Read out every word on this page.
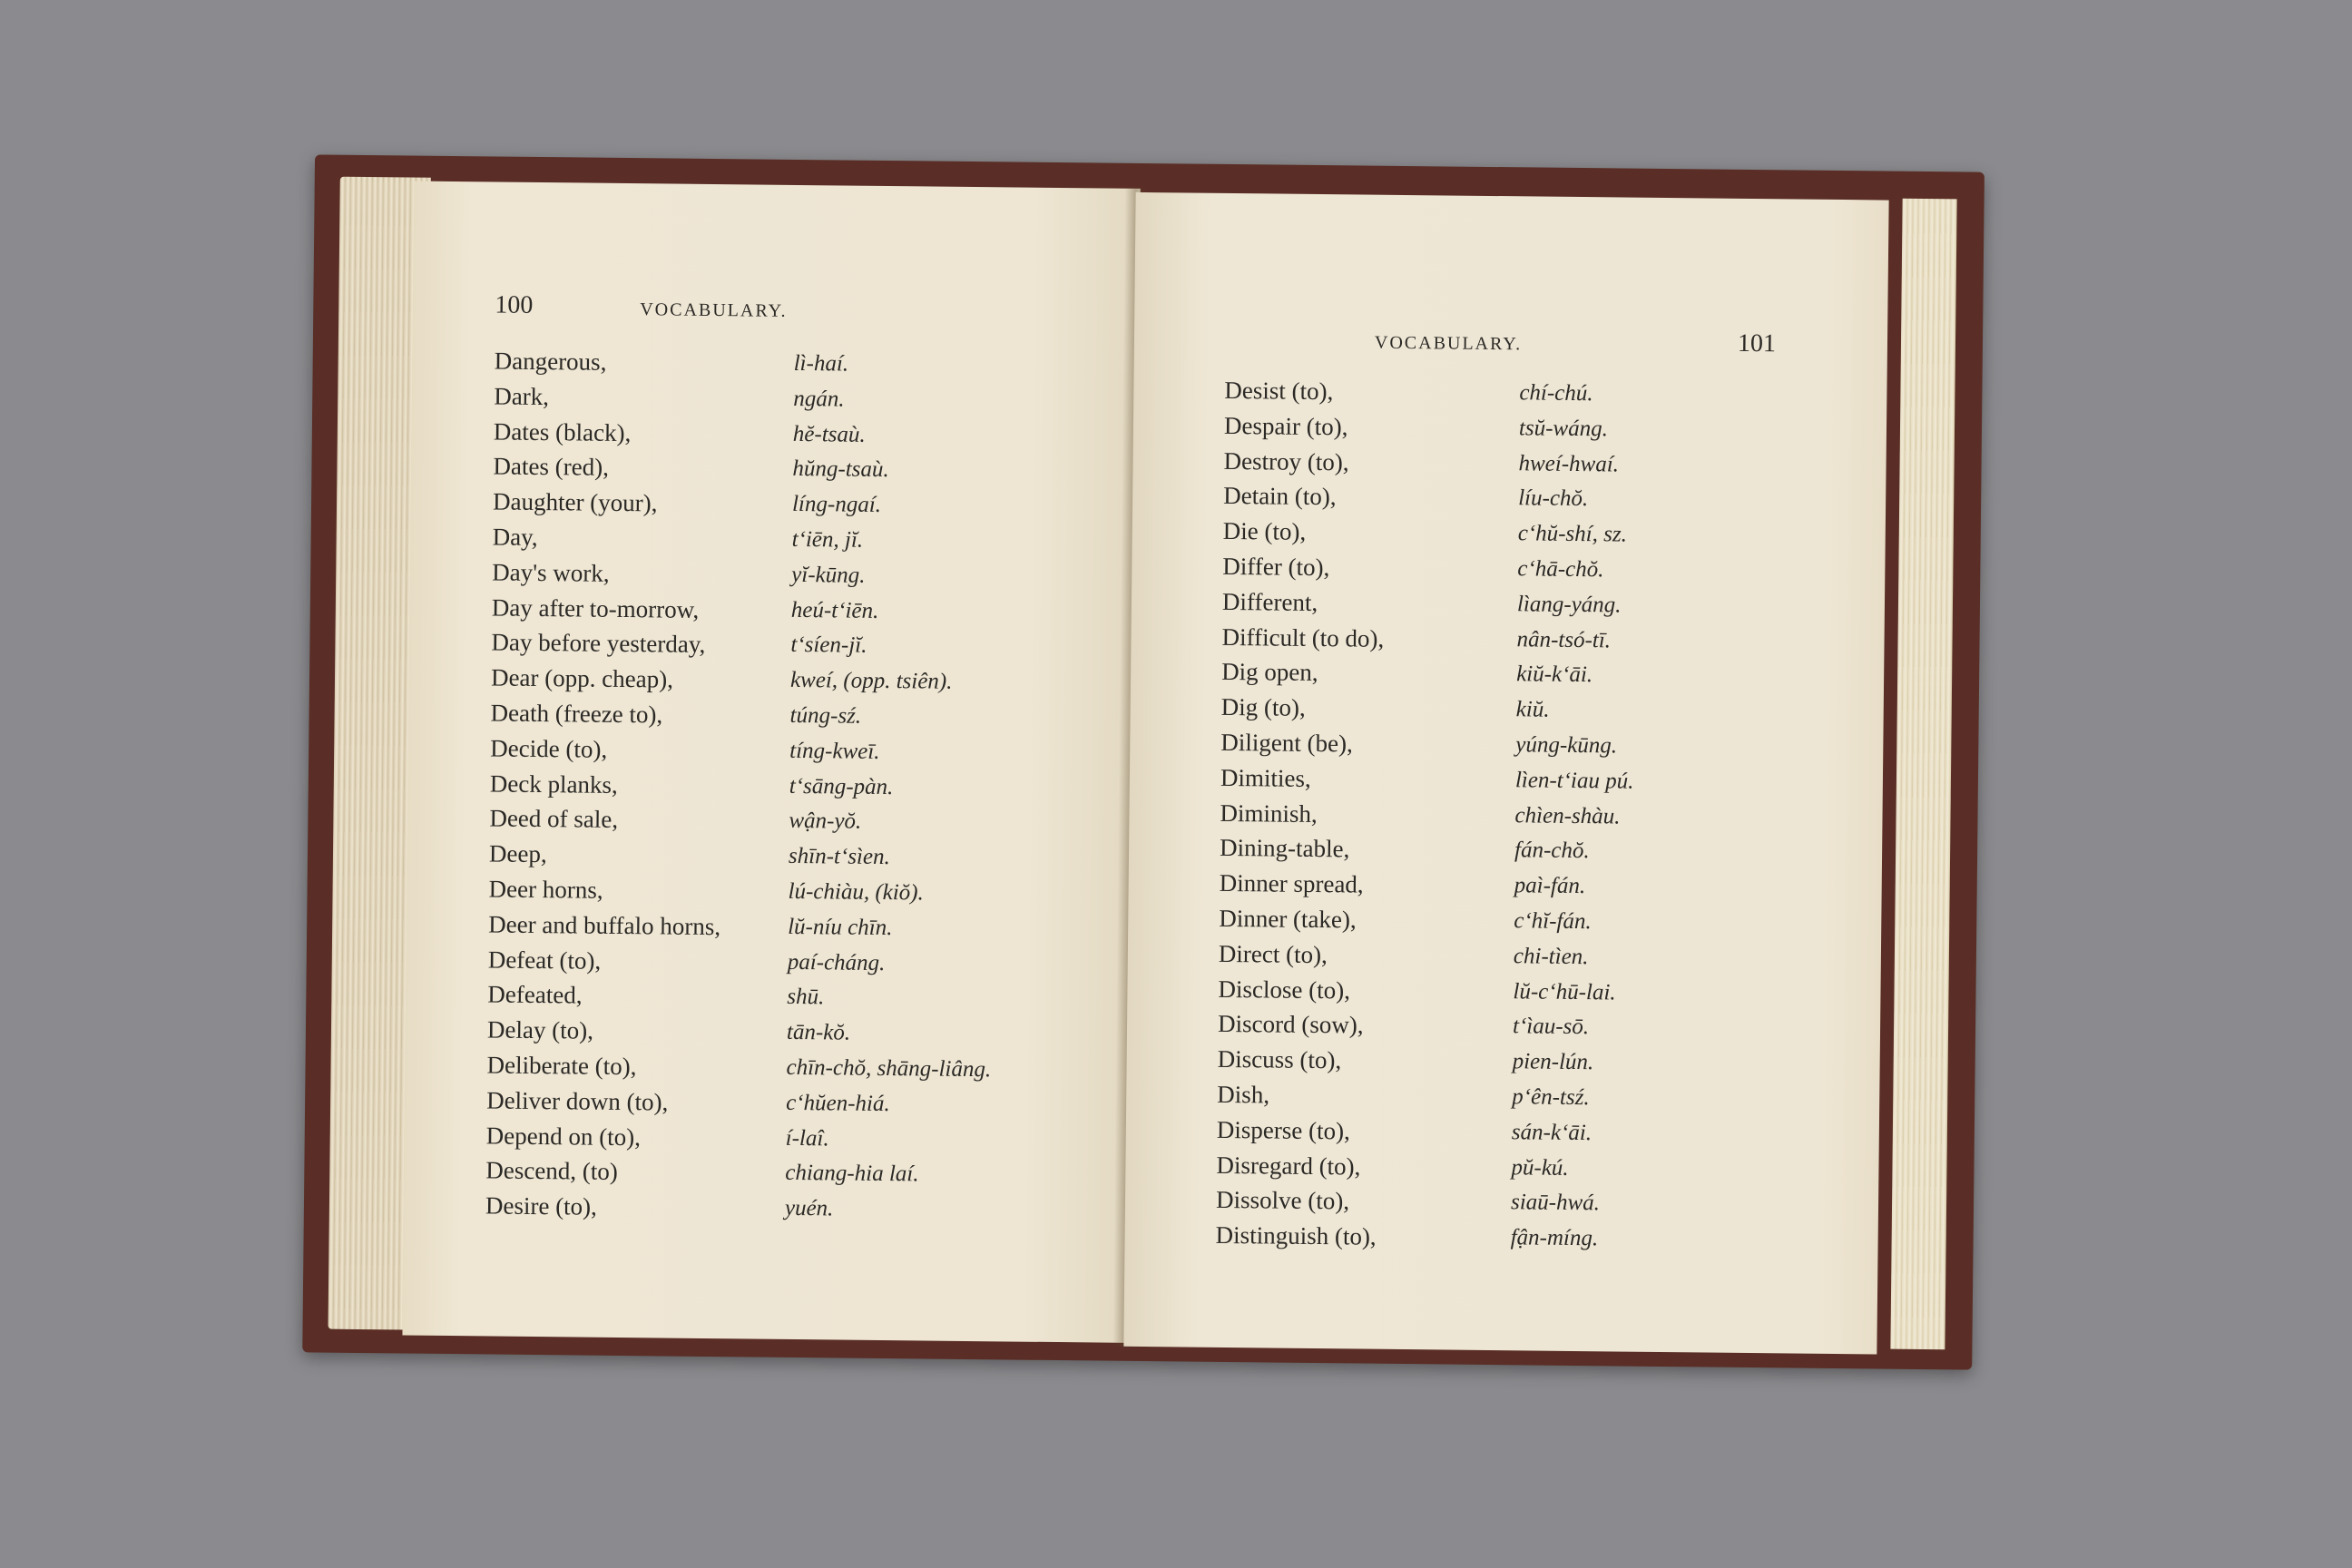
100	VOCABULARY.
Dangerous,	lì-haí.
Dark,	ngán.
Dates (black),	hĕ-tsaù.
Dates (red),	hŭng-tsaù.
Daughter (your),	líng-ngaí.
Day,	t‘iēn, jĭ.
Day's work,	yĭ-kūng.
Day after to-morrow,	heú-t‘iēn.
Day before yesterday,	t‘síen-jĭ.
Dear (opp. cheap),	kweí, (opp. tsiên).
Death (freeze to),	túng-sź.
Decide (to),	tíng-kweī.
Deck planks,	t‘sāng-pàn.
Deed of sale,	wận-yŏ.
Deep,	shīn-t‘sìen.
Deer horns,	lú-chiàu, (kiŏ).
Deer and buffalo horns,	lŭ-níu chīn.
Defeat (to),	paí-cháng.
Defeated,	shū.
Delay (to),	tān-kŏ.
Deliberate (to),	chīn-chŏ, shāng-liâng.
Deliver down (to),	c‘hŭen-hiá.
Depend on (to),	í-laî.
Descend, (to)	chiang-hia laí.
Desire (to),	yuén.
VOCABULARY.	101
Desist (to),	chí-chú.
Despair (to),	tsŭ-wáng.
Destroy (to),	hweí-hwaí.
Detain (to),	líu-chŏ.
Die (to),	c‘hŭ-shí, sz.
Differ (to),	c‘hā-chŏ.
Different,	lìang-yáng.
Difficult (to do),	nân-tsó-tī.
Dig open,	kiŭ-k‘āi.
Dig (to),	kiŭ.
Diligent (be),	yúng-kūng.
Dimities,	lìen-t‘iau pú.
Diminish,	chìen-shàu.
Dining-table,	fán-chŏ.
Dinner spread,	paì-fán.
Dinner (take),	c‘hĭ-fán.
Direct (to),	chi-tìen.
Disclose (to),	lŭ-c‘hū-lai.
Discord (sow),	t‘ìau-sō.
Discuss (to),	pien-lún.
Dish,	p‘ên-tsź.
Disperse (to),	sán-k‘āi.
Disregard (to),	pŭ-kú.
Dissolve (to),	siaū-hwá.
Distinguish (to),	fận-míng.
